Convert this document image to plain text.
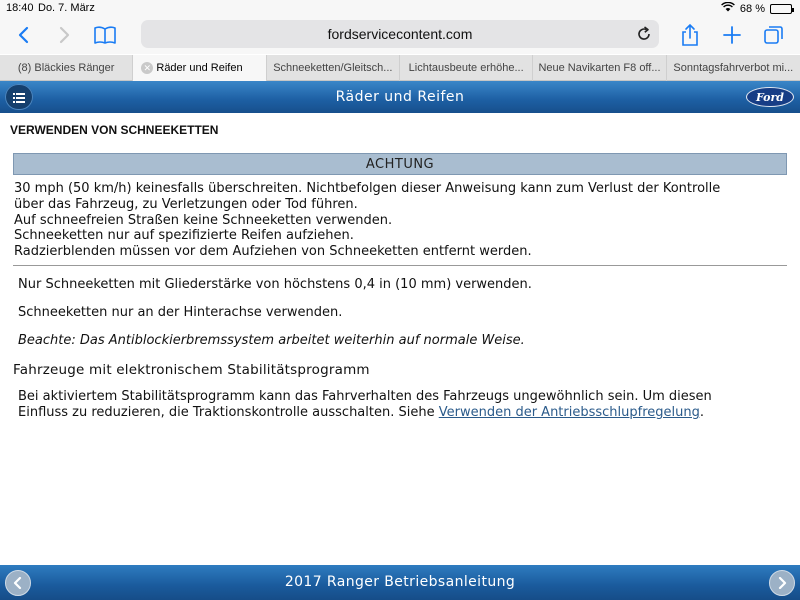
18:40 Do. 7. März	68 %
fordservicecontent.com
(8) Bläckies Ränger	✕ Räder und Reifen	Schneeketten/Gleitsch... Lichtausbeute erhöhe... Neue Navikarten F8 off... Sonntagsfahrverbot mi...
Räder und Reifen	Ford
VERWENDEN VON SCHNEEKETTEN
ACHTUNG
30 mph (50 km/h) keinesfalls überschreiten. Nichtbefolgen dieser Anweisung kann zum Verlust der Kontrolle
über das Fahrzeug, zu Verletzungen oder Tod führen.
Auf schneefreien Straßen keine Schneeketten verwenden.
Schneeketten nur auf spezifizierte Reifen aufziehen.
Radzierblenden müssen vor dem Aufziehen von Schneeketten entfernt werden.
Nur Schneeketten mit Gliederstärke von höchstens 0,4 in (10 mm) verwenden.
Schneeketten nur an der Hinterachse verwenden.
Beachte: Das Antiblockierbremssystem arbeitet weiterhin auf normale Weise.
Fahrzeuge mit elektronischem Stabilitätsprogramm
Bei aktiviertem Stabilitätsprogramm kann das Fahrverhalten des Fahrzeugs ungewöhnlich sein. Um diesen
Einfluss zu reduzieren, die Traktionskontrolle ausschalten. Siehe Verwenden der Antriebsschlupfregelung.
2017 Ranger Betriebsanleitung
